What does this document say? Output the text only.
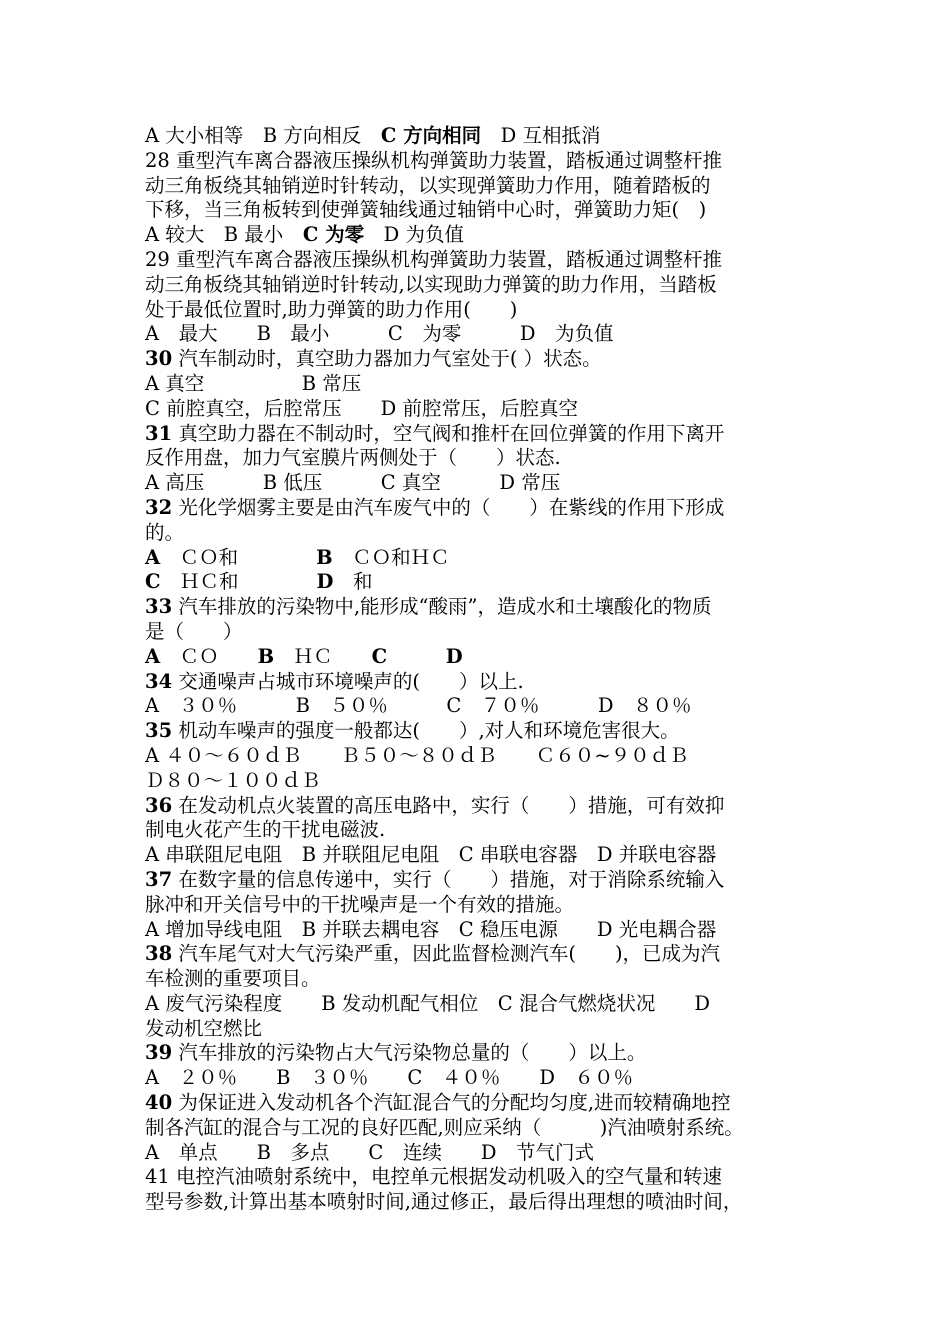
A 大小相等　B 方向相反　C 方向相同　D 互相抵消
28 重型汽车离合器液压操纵机构弹簧助力装置，踏板通过调整杆推
动三角板绕其轴销逆时针转动，以实现弹簧助力作用，随着踏板的
下移，当三角板转到使弹簧轴线通过轴销中心时，弹簧助力矩(　)
A 较大　B 最小　C 为零　D 为负值
29 重型汽车离合器液压操纵机构弹簧助力装置，踏板通过调整杆推
动三角板绕其轴销逆时针转动,以实现助力弹簧的助力作用，当踏板
处于最低位置时,助力弹簧的助力作用(　　)
A　最大　　B　最小　　　C　为零　　　D　为负值
30 汽车制动时，真空助力器加力气室处于( ）状态。
A 真空　　　　　B 常压
C 前腔真空，后腔常压　　D 前腔常压，后腔真空
31 真空助力器在不制动时，空气阀和推杆在回位弹簧的作用下离开
反作用盘，加力气室膜片两侧处于（　　）状态.
A 高压　　　B 低压　　　C 真空　　　D 常压
32 光化学烟雾主要是由汽车废气中的（　　）在紫线的作用下形成
的。
A　ＣＯ和　　　　B　ＣＯ和ＨＣ
C　ＨＣ和　　　　D　和
33 汽车排放的污染物中,能形成“酸雨”，造成水和土壤酸化的物质
是（　　）
A　ＣＯ　　B　ＨＣ　　C　　　	D
34 交通噪声占城市环境噪声的(　　）以上.
A　３０％　　　B　５０％　　　C　７０％　　　D　８０％
35 机动车噪声的强度一般都达(　　）,对人和环境危害很大。
A ４０～６０ｄＢ　　Ｂ５０～８０ｄＢ　　Ｃ６０~９０ｄＢ
Ｄ８０～１００ｄＢ
36 在发动机点火装置的高压电路中，实行（　　）措施，可有效抑
制电火花产生的干扰电磁波.
A 串联阻尼电阻　B 并联阻尼电阻　C 串联电容器　D 并联电容器
37 在数字量的信息传递中，实行（　　）措施，对于消除系统输入
脉冲和开关信号中的干扰噪声是一个有效的措施。
A 增加导线电阻　B 并联去耦电容　C 稳压电源　　D 光电耦合器
38 汽车尾气对大气污染严重，因此监督检测汽车(　　)，已成为汽
车检测的重要项目。
A 废气污染程度　　B 发动机配气相位　C 混合气燃烧状况　　D
发动机空燃比
39 汽车排放的污染物占大气污染物总量的（　　）以上。
A　２０％　　B　３０％　　C　４０％　　D　６０％
40 为保证进入发动机各个汽缸混合气的分配均匀度,进而较精确地控
制各汽缸的混合与工况的良好匹配,则应采纳（　　　)汽油喷射系统。
A　单点　　B　多点　　C　连续　　D　节气门式
41 电控汽油喷射系统中，电控单元根据发动机吸入的空气量和转速
型号参数,计算出基本喷射时间,通过修正，最后得出理想的喷油时间，
